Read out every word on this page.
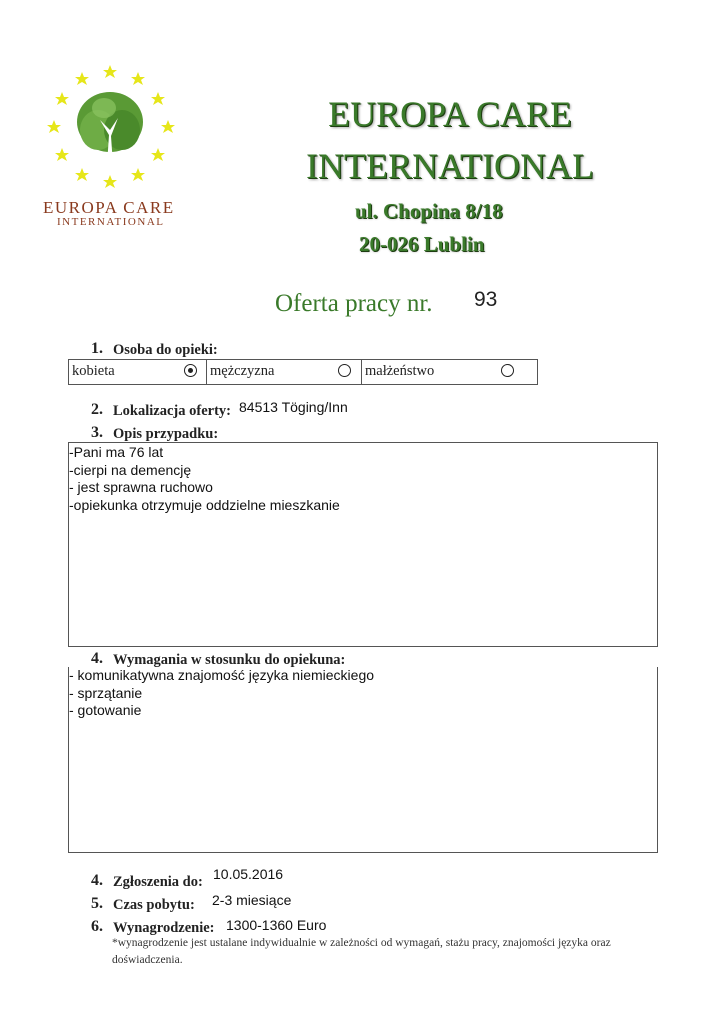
EUROPA CARE
INTERNATIONAL
EUROPA CARE
INTERNATIONAL
ul. Chopina 8/18
20-026 Lublin
Oferta pracy nr. 93
1. Osoba do opieki:
kobieta	mężczyzna	małżeństwo
2. Lokalizacja oferty: 84513 Töging/Inn
3. Opis przypadku:
-Pani ma 76 lat
-cierpi na demencję
- jest sprawna ruchowo
-opiekunka otrzymuje oddzielne mieszkanie
4. Wymagania w stosunku do opiekuna:
- komunikatywna znajomość języka niemieckiego
- sprzątanie
- gotowanie
4. Zgłoszenia do: 10.05.2016
5. Czas pobytu: 2-3 miesiące
6. Wynagrodzenie: 1300-1360 Euro
*wynagrodzenie jest ustalane indywidualnie w zależności od wymagań, stażu pracy, znajomości języka oraz doświadczenia.
